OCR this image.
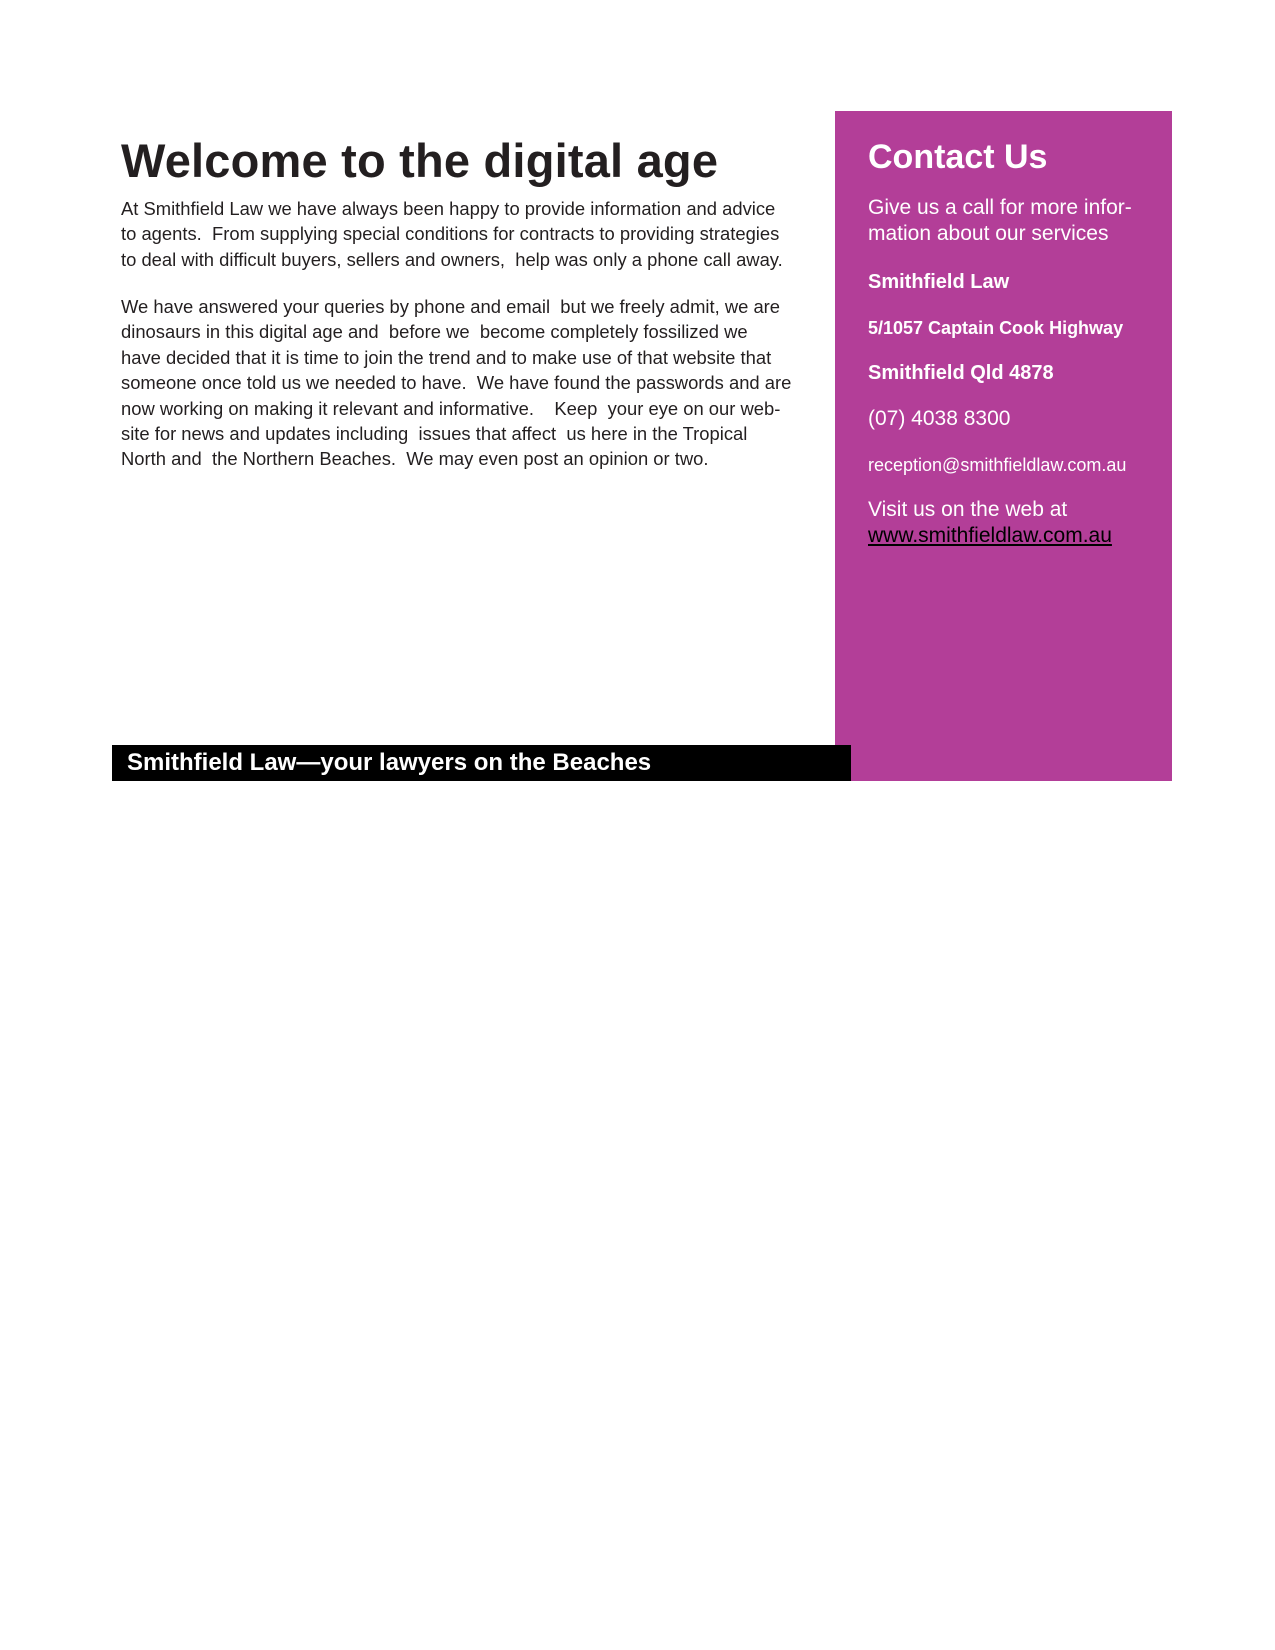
Welcome to the digital age
At Smithfield Law we have always been happy to provide information and advice
to agents.  From supplying special conditions for contracts to providing strategies
to deal with difficult buyers, sellers and owners,  help was only a phone call away.
We have answered your queries by phone and email  but we freely admit, we are
dinosaurs in this digital age and  before we  become completely fossilized we
have decided that it is time to join the trend and to make use of that website that
someone once told us we needed to have.  We have found the passwords and are
now working on making it relevant and informative.    Keep  your eye on our web-
site for news and updates including  issues that affect  us here in the Tropical
North and  the Northern Beaches.  We may even post an opinion or two.
Contact Us
Give us a call for more infor-
mation about our services
Smithfield Law
5/1057 Captain Cook Highway
Smithfield Qld 4878
(07) 4038 8300
reception@smithfieldlaw.com.au
Visit us on the web at
www.smithfieldlaw.com.au

Smithfield Law—your lawyers on the Beaches
